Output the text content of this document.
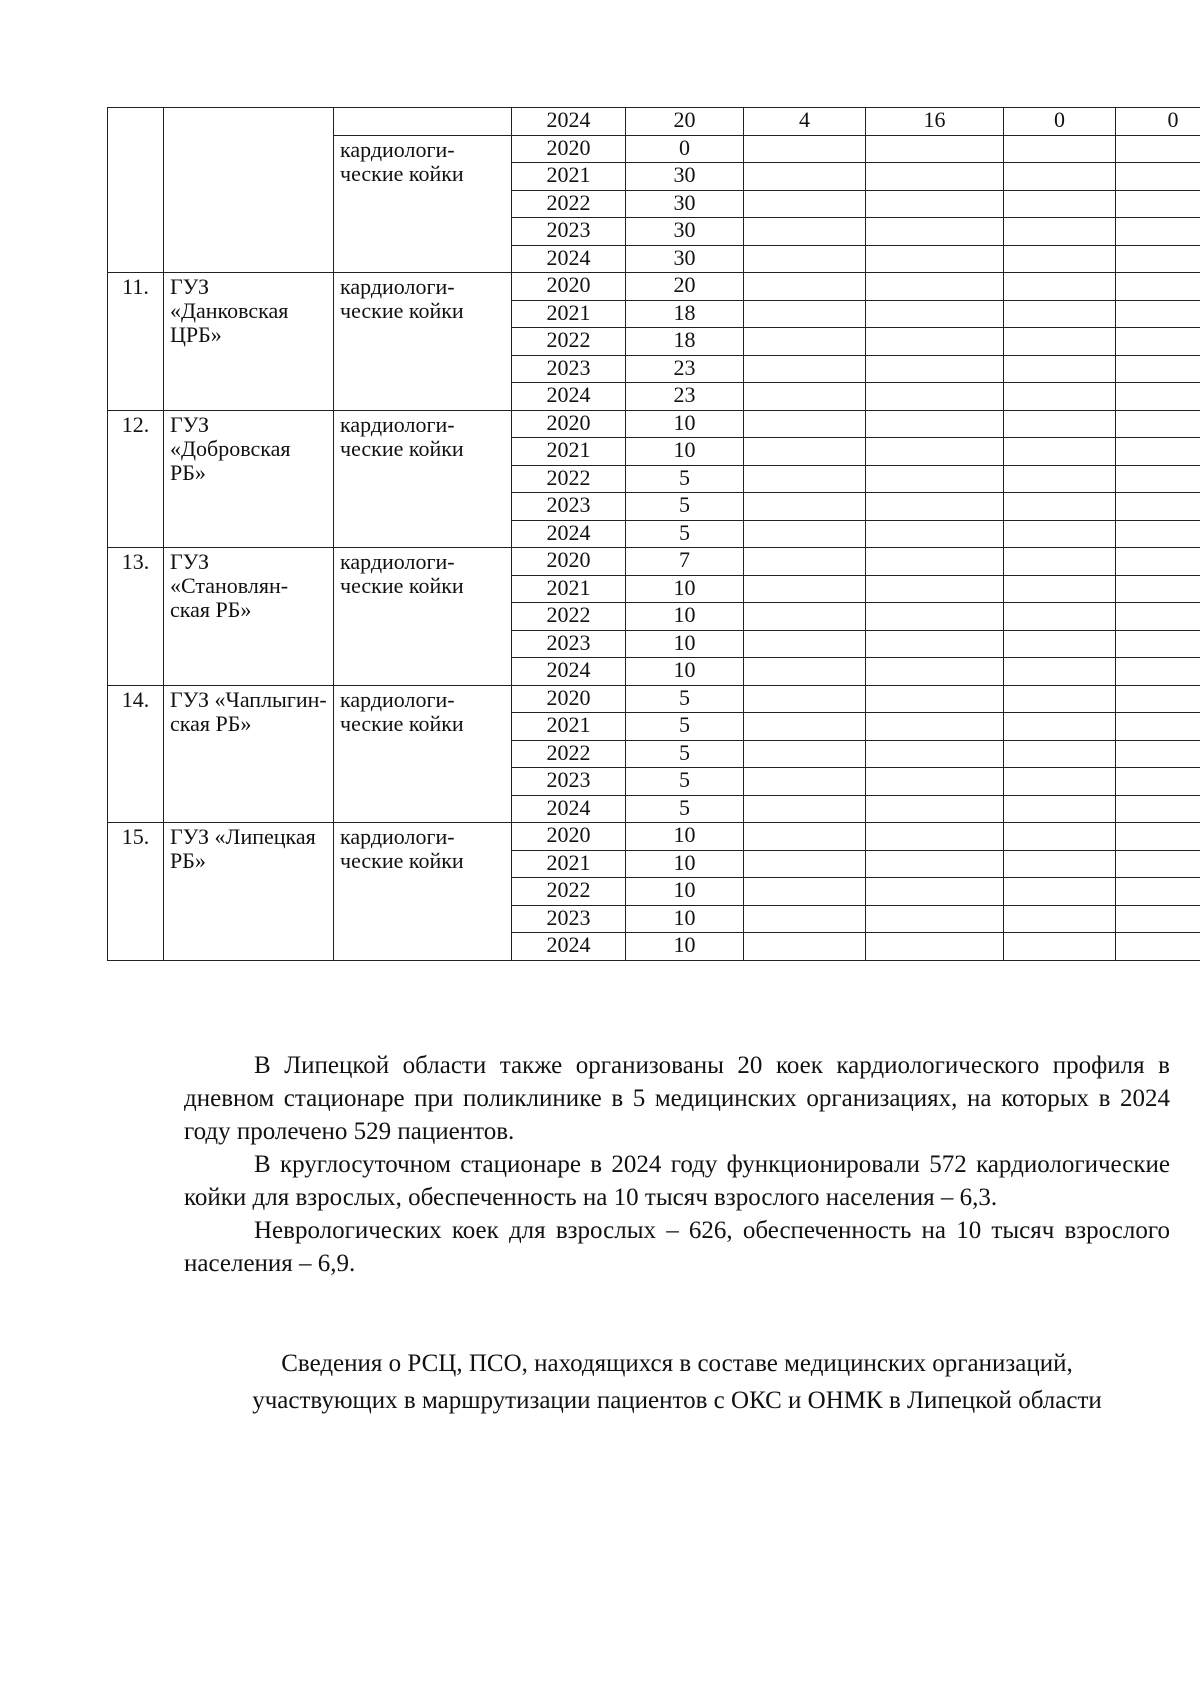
			2024	20	4	16	0	0
		кардиологи-ческие койки	2020	0				
			2021	30				
			2022	30				
			2023	30				
			2024	30				
11.	ГУЗ «Данковская ЦРБ»	кардиологи-ческие койки	2020	20				
			2021	18				
			2022	18				
			2023	23				
			2024	23				
12.	ГУЗ «Добровская РБ»	кардиологи-ческие койки	2020	10				
			2021	10				
			2022	5				
			2023	5				
			2024	5				
13.	ГУЗ «Становлян-ская РБ»	кардиологи-ческие койки	2020	7				
			2021	10				
			2022	10				
			2023	10				
			2024	10				
14.	ГУЗ «Чаплыгин-ская РБ»	кардиологи-ческие койки	2020	5				
			2021	5				
			2022	5				
			2023	5				
			2024	5				
15.	ГУЗ «Липецкая РБ»	кардиологи-ческие койки	2020	10				
			2021	10				
			2022	10				
			2023	10				
			2024	10				

В Липецкой области также организованы 20 коек кардиологического профиля в дневном стационаре при поликлинике в 5 медицинских организациях, на которых в 2024 году пролечено 529 пациентов.

В круглосуточном стационаре в 2024 году функционировали 572 кардиологические койки для взрослых, обеспеченность на 10 тысяч взрослого населения – 6,3.

Неврологических коек для взрослых – 626, обеспеченность на 10 тысяч взрослого населения – 6,9.

Сведения о РСЦ, ПСО, находящихся в составе медицинских организаций,
участвующих в маршрутизации пациентов с ОКС и ОНМК в Липецкой области
